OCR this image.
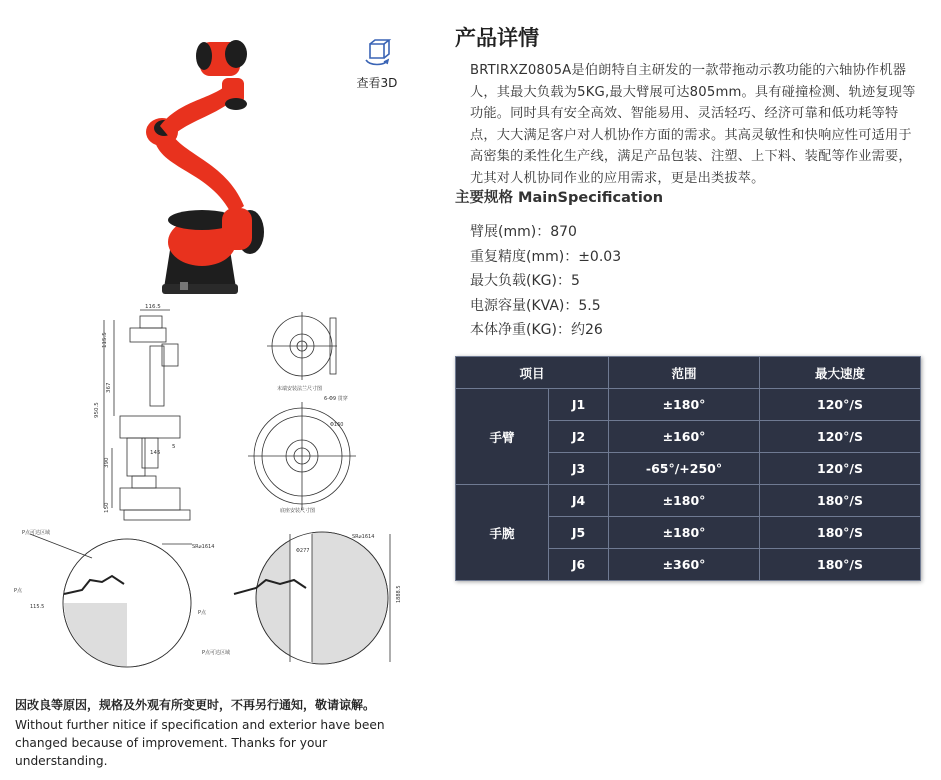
查看3D
116.5
115.5
367
950.5
5
145
390
150
末端安装法兰尺寸图
6-Φ9 贯穿
Φ160
底座安装尺寸图
P点可达区域
SR⌀1614
P点
115.5
SR⌀1614
Φ277
P点
P点可达区域
1888.5
产品详情
BRTIRXZ0805A是伯朗特自主研发的一款带拖动示教功能的六轴协作机器人，其最大负载为5KG,最大臂展可达805mm。具有碰撞检测、轨迹复现等功能。同时具有安全高效、智能易用、灵活轻巧、经济可靠和低功耗等特点，大大满足客户对人机协作方面的需求。其高灵敏性和快响应性可适用于高密集的柔性化生产线，满足产品包装、注塑、上下料、装配等作业需要，尤其对人机协同作业的应用需求，更是出类拔萃。
主要规格 MainSpecification
臂展(mm)：870
重复精度(mm)：±0.03
最大负载(KG)：5
电源容量(KVA)：5.5
本体净重(KG)：约26
项目		范围	最大速度
手臂	J1	±180°	120°/S
	J2	±160°	120°/S
	J3	-65°/+250°	120°/S
手腕	J4	±180°	180°/S
	J5	±180°	180°/S
	J6	±360°	180°/S
因改良等原因，规格及外观有所变更时，不再另行通知，敬请谅解。
Without further nitice if specification and exterior have been changed because of improvement. Thanks for your understanding.
